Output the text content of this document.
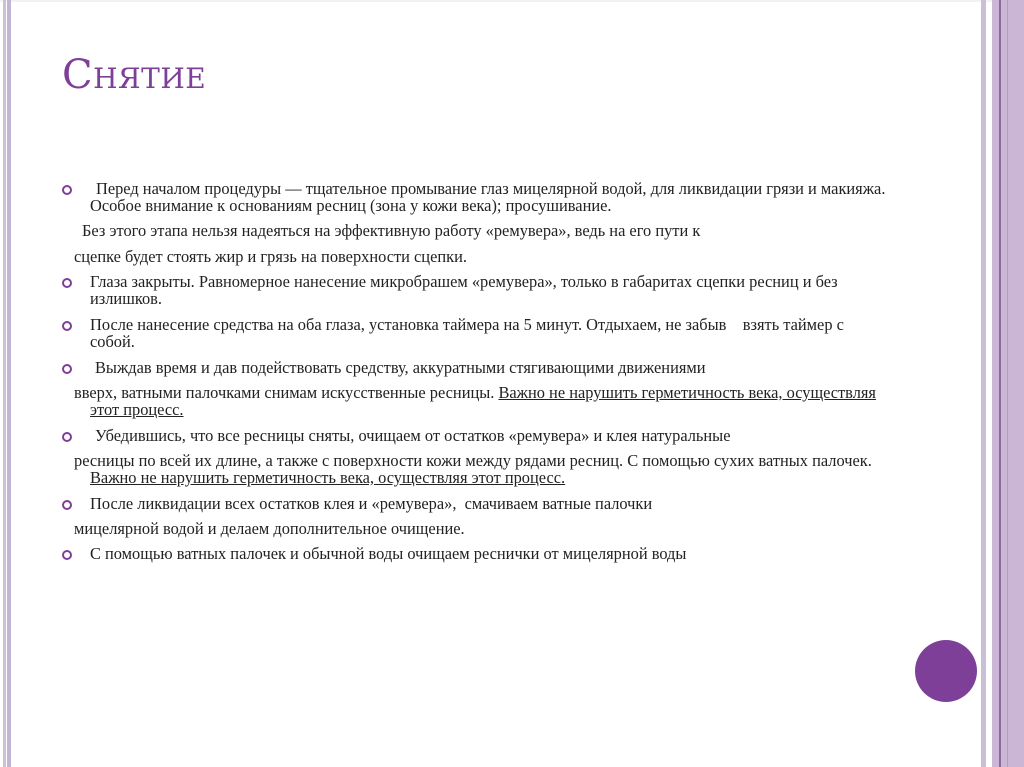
Снятие
Перед началом процедуры — тщательное промывание глаз мицелярной водой, для ликвидации грязи и макияжа. Особое внимание к основаниям ресниц (зона у кожи века); просушивание.
Без этого этапа нельзя надеяться на эффективную работу «ремувера», ведь на его пути к
сцепке будет стоять жир и грязь на поверхности сцепки.
Глаза закрыты. Равномерное нанесение микробрашем «ремувера», только в габаритах сцепки ресниц и без излишков.
После нанесение средства на оба глаза, установка таймера на 5 минут. Отдыхаем, не забыв    взять таймер с собой.
Выждав время и дав подействовать средству, аккуратными стягивающими движениями
вверх, ватными палочками снимам искусственные ресницы. Важно не нарушить герметичность века, осуществляя этот процесс.
Убедившись, что все ресницы сняты, очищаем от остатков «ремувера» и клея натуральные
ресницы по всей их длине, а также с поверхности кожи между рядами ресниц. С помощью сухих ватных палочек.  Важно не нарушить герметичность века, осуществляя этот процесс.
После ликвидации всех остатков клея и «ремувера»,  смачиваем ватные палочки
мицелярной водой и делаем дополнительное очищение.
С помощью ватных палочек и обычной воды очищаем реснички от мицелярной воды
